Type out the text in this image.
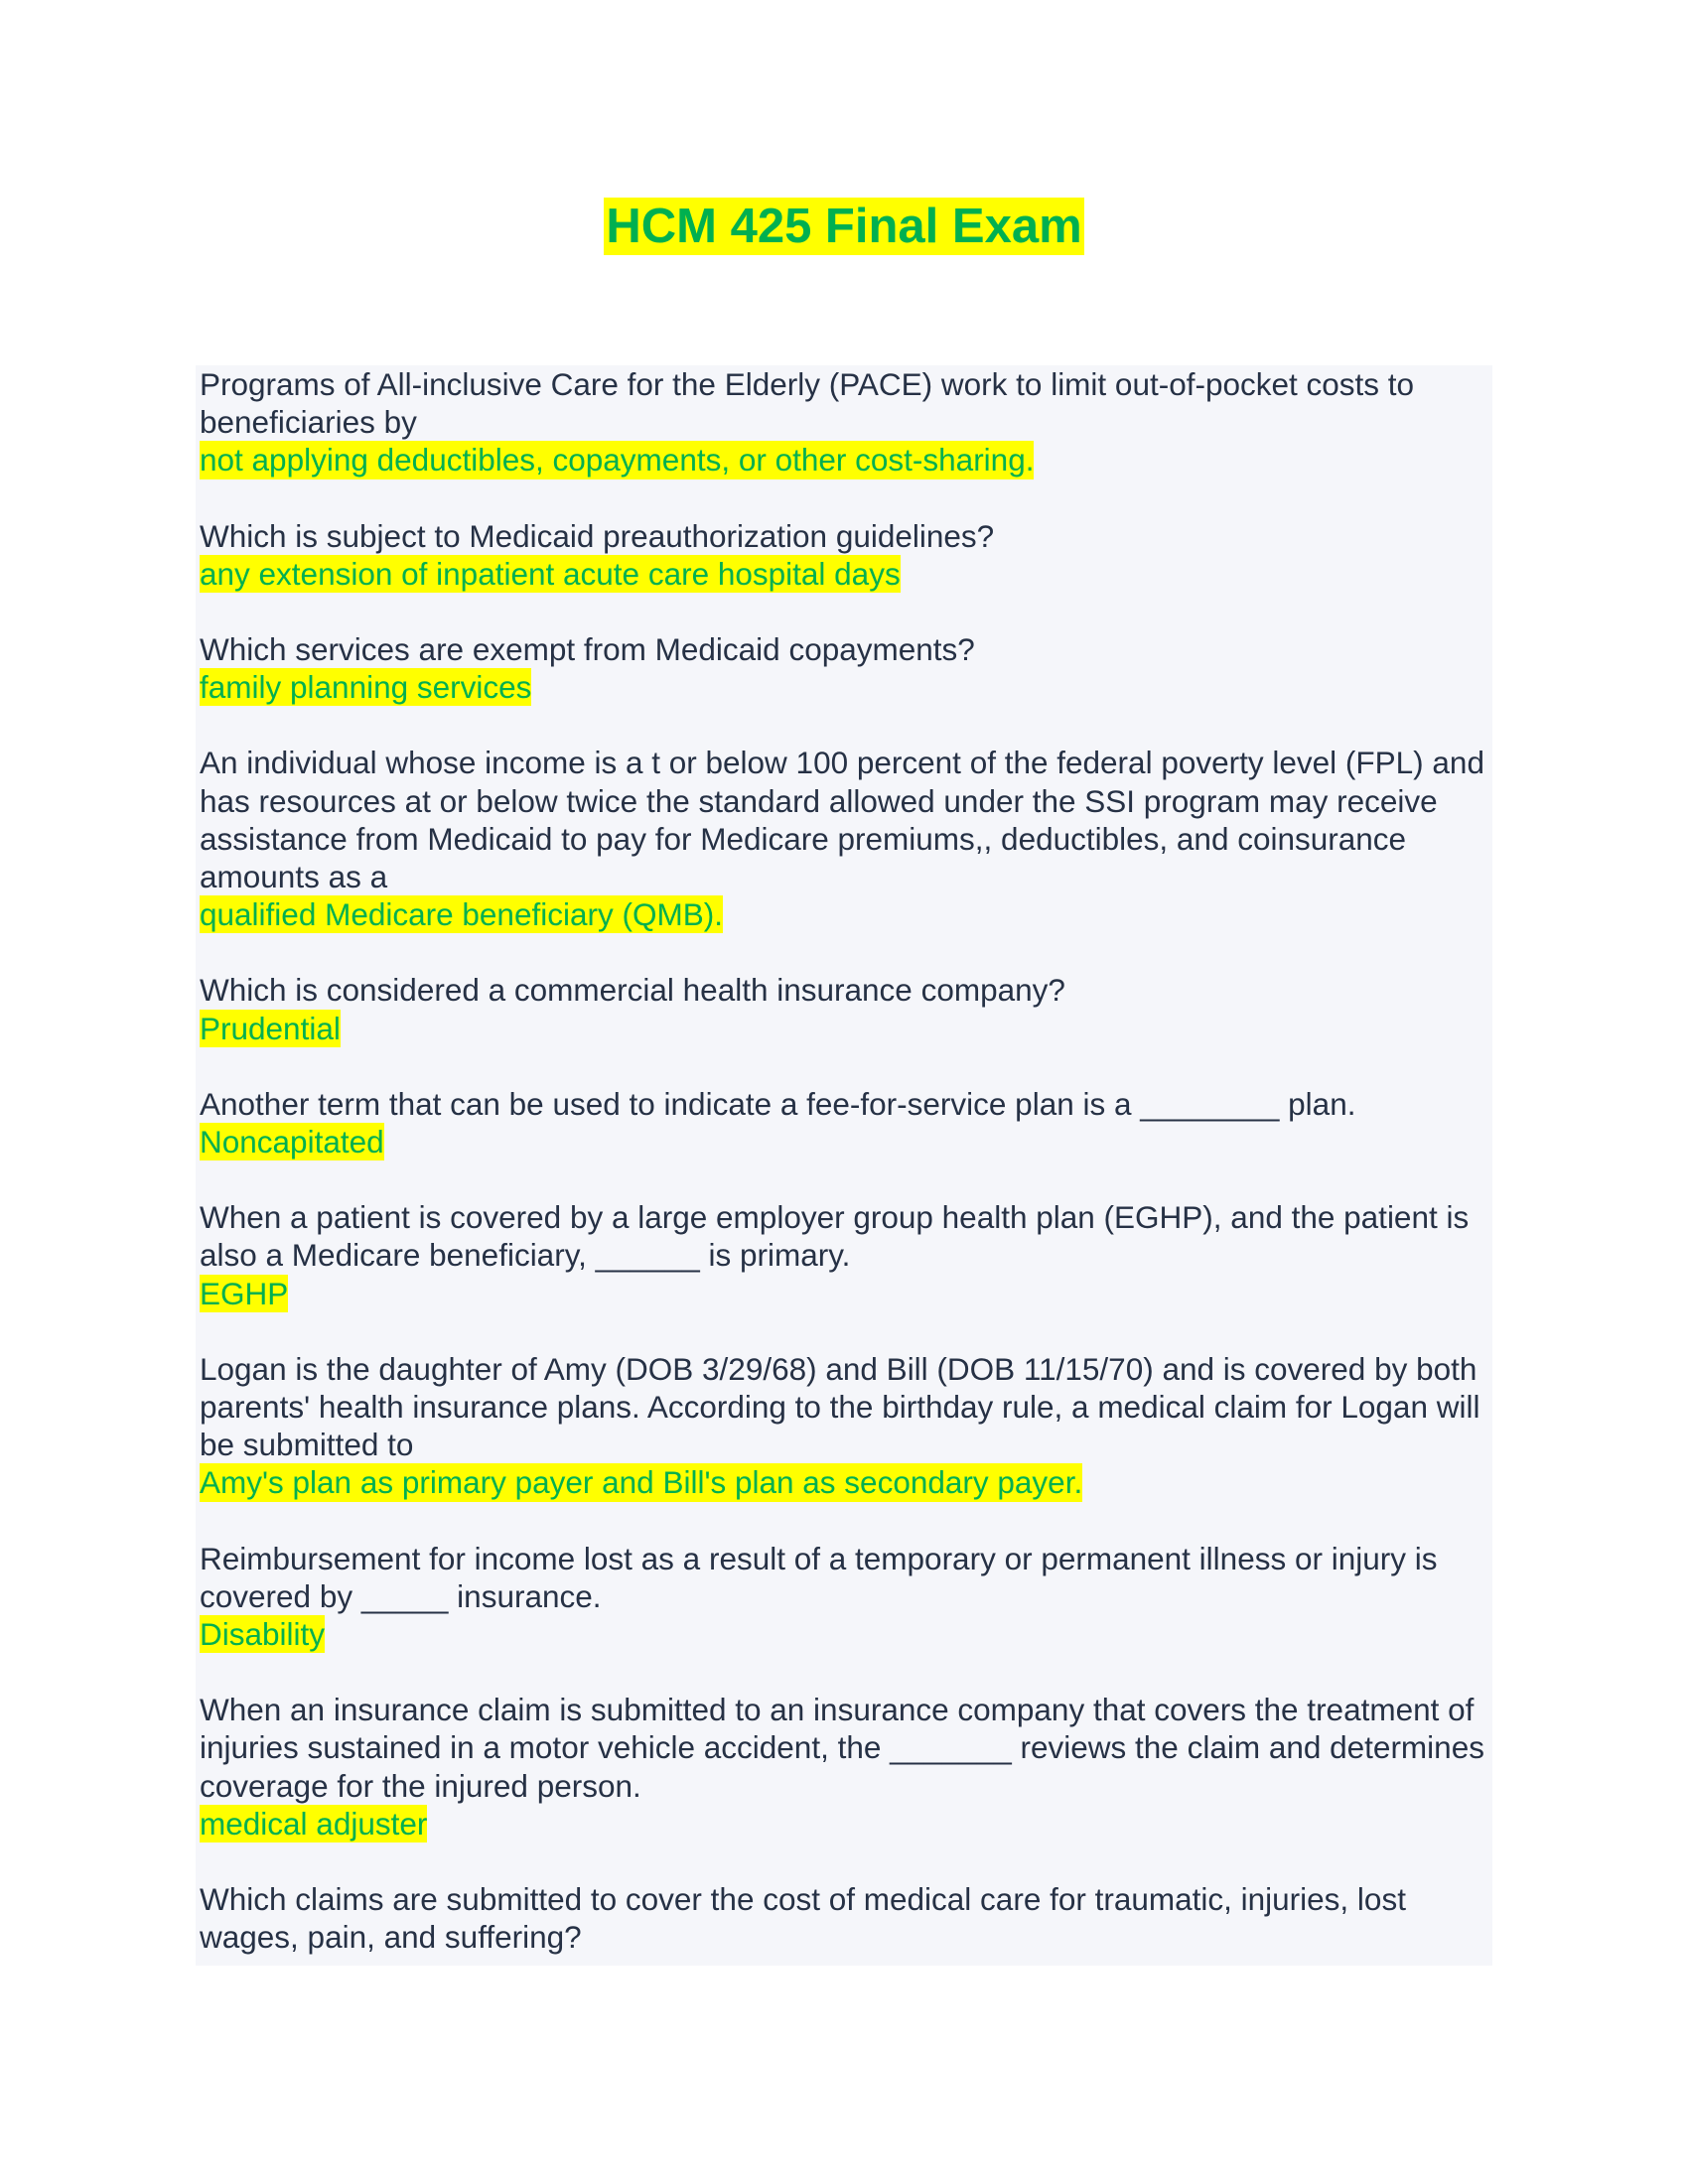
HCM 425 Final Exam
Programs of All-inclusive Care for the Elderly (PACE) work to limit out-of-pocket costs to beneficiaries by
not applying deductibles, copayments, or other cost-sharing.
Which is subject to Medicaid preauthorization guidelines?
any extension of inpatient acute care hospital days
Which services are exempt from Medicaid copayments?
family planning services
An individual whose income is a t or below 100 percent of the federal poverty level (FPL) and has resources at or below twice the standard allowed under the SSI program may receive assistance from Medicaid to pay for Medicare premiums,, deductibles, and coinsurance amounts as a
qualified Medicare beneficiary (QMB).
Which is considered a commercial health insurance company?
Prudential
Another term that can be used to indicate a fee-for-service plan is a ________ plan.
Noncapitated
When a patient is covered by a large employer group health plan (EGHP), and the patient is also a Medicare beneficiary, ______ is primary.
EGHP
Logan is the daughter of Amy (DOB 3/29/68) and Bill (DOB 11/15/70) and is covered by both parents' health insurance plans. According to the birthday rule, a medical claim for Logan will be submitted to
Amy's plan as primary payer and Bill's plan as secondary payer.
Reimbursement for income lost as a result of a temporary or permanent illness or injury is covered by _____ insurance.
Disability
When an insurance claim is submitted to an insurance company that covers the treatment of injuries sustained in a motor vehicle accident, the _______ reviews the claim and determines coverage for the injured person.
medical adjuster
Which claims are submitted to cover the cost of medical care for traumatic, injuries, lost wages, pain, and suffering?
